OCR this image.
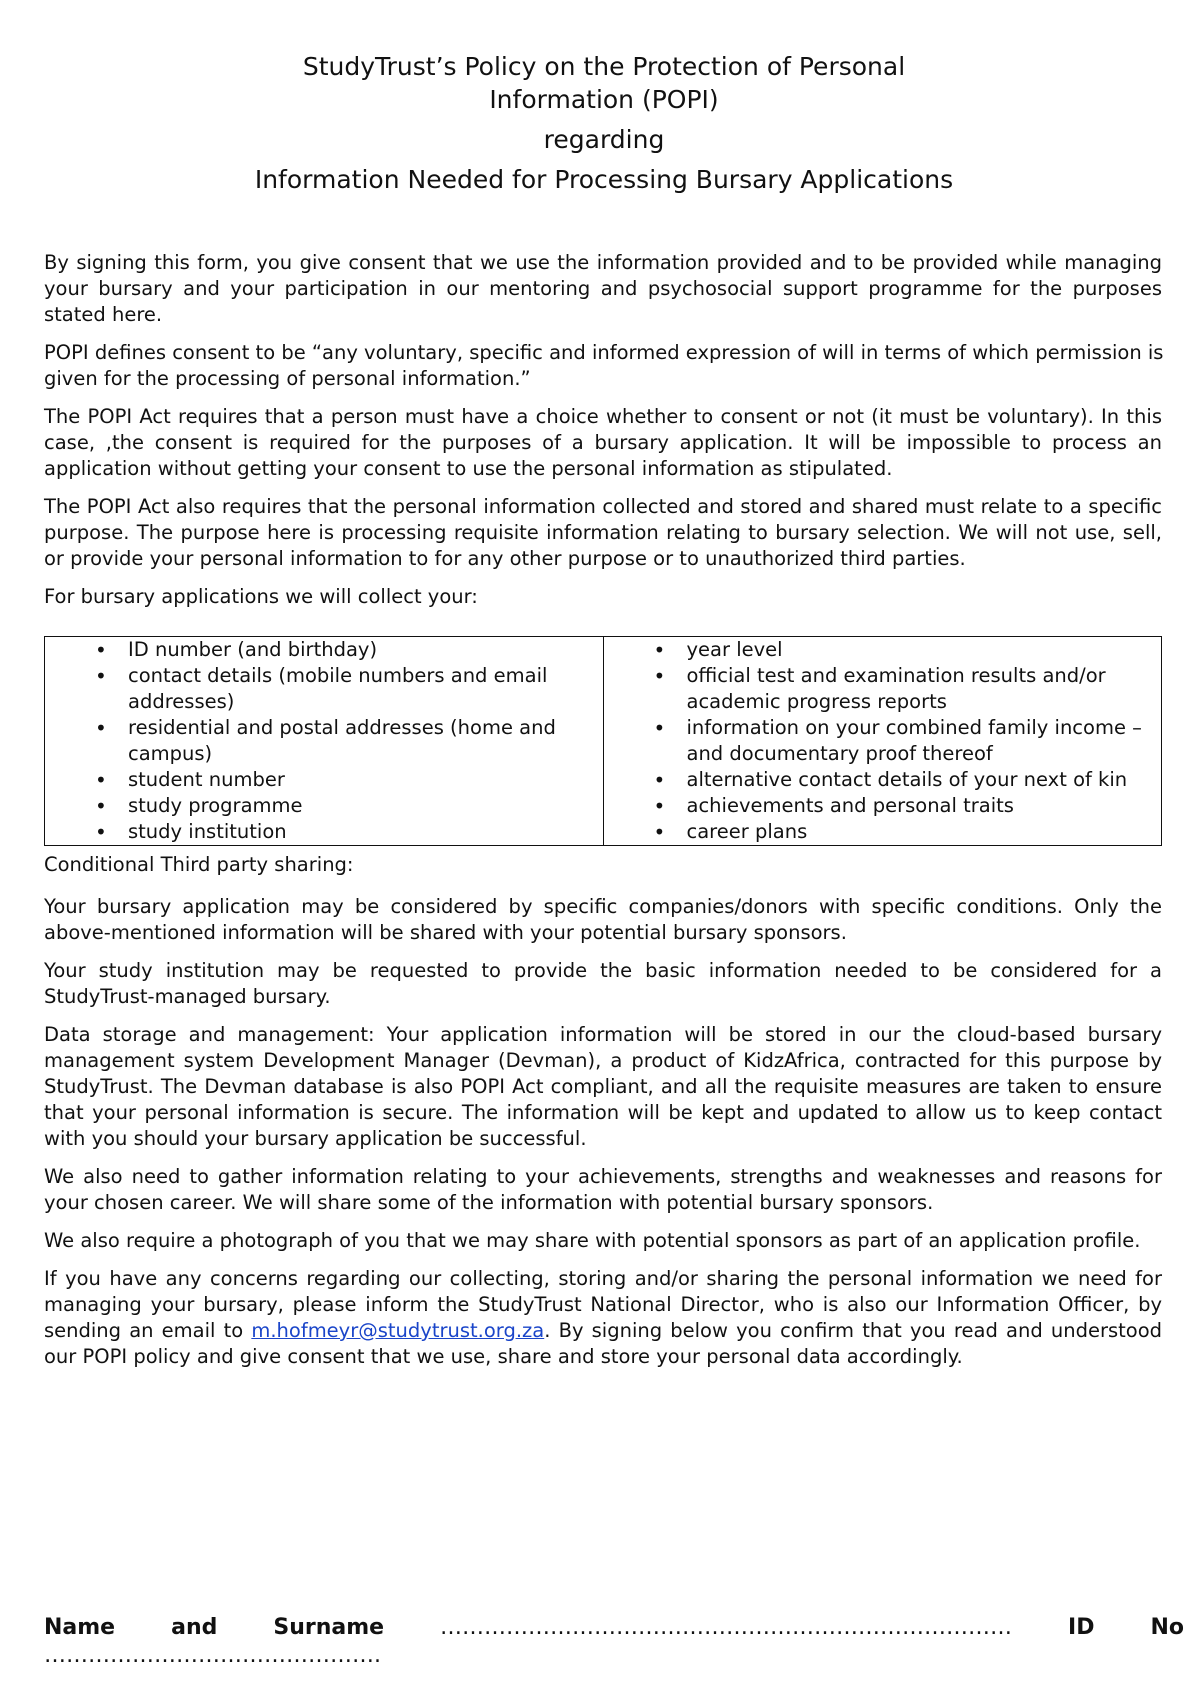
StudyTrust’s Policy on the Protection of Personal
Information (POPI)
regarding
Information Needed for Processing Bursary Applications

By signing this form, you give consent that we use the information provided and to be provided while managing your bursary and your participation in our mentoring and psychosocial support programme for the purposes stated here.

POPI defines consent to be “any voluntary, specific and informed expression of will in terms of which permission is given for the processing of personal information.”

The POPI Act requires that a person must have a choice whether to consent or not (it must be voluntary). In this case, ,the consent is required for the purposes of a bursary application. It will be impossible to process an application without getting your consent to use the personal information as stipulated.

The POPI Act also requires that the personal information collected and stored and shared must relate to a specific purpose. The purpose here is processing requisite information relating to bursary selection. We will not use, sell, or provide your personal information to for any other purpose or to unauthorized third parties.

For bursary applications we will collect your:

• ID number (and birthday)
• contact details (mobile numbers and email addresses)
• residential and postal addresses (home and campus)
• student number
• study programme
• study institution

• year level
• official test and examination results and/or academic progress reports
• information on your combined family income – and documentary proof thereof
• alternative contact details of your next of kin
• achievements and personal traits
• career plans

Conditional Third party sharing:

Your bursary application may be considered by specific companies/donors with specific conditions. Only the above-mentioned information will be shared with your potential bursary sponsors.

Your study institution may be requested to provide the basic information needed to be considered for a StudyTrust-managed bursary.

Data storage and management: Your application information will be stored in our the cloud-based bursary management system Development Manager (Devman), a product of KidzAfrica, contracted for this purpose by StudyTrust. The Devman database is also POPI Act compliant, and all the requisite measures are taken to ensure that your personal information is secure. The information will be kept and updated to allow us to keep contact with you should your bursary application be successful.

We also need to gather information relating to your achievements, strengths and weaknesses and reasons for your chosen career. We will share some of the information with potential bursary sponsors.

We also require a photograph of you that we may share with potential sponsors as part of an application profile.

If you have any concerns regarding our collecting, storing and/or sharing the personal information we need for managing your bursary, please inform the StudyTrust National Director, who is also our Information Officer, by sending an email to m.hofmeyr@studytrust.org.za. By signing below you confirm that you read and understood our POPI policy and give consent that we use, share and store your personal data accordingly.

Name	and	Surname	……………………………………………………………………	ID	No
……………………………………….
